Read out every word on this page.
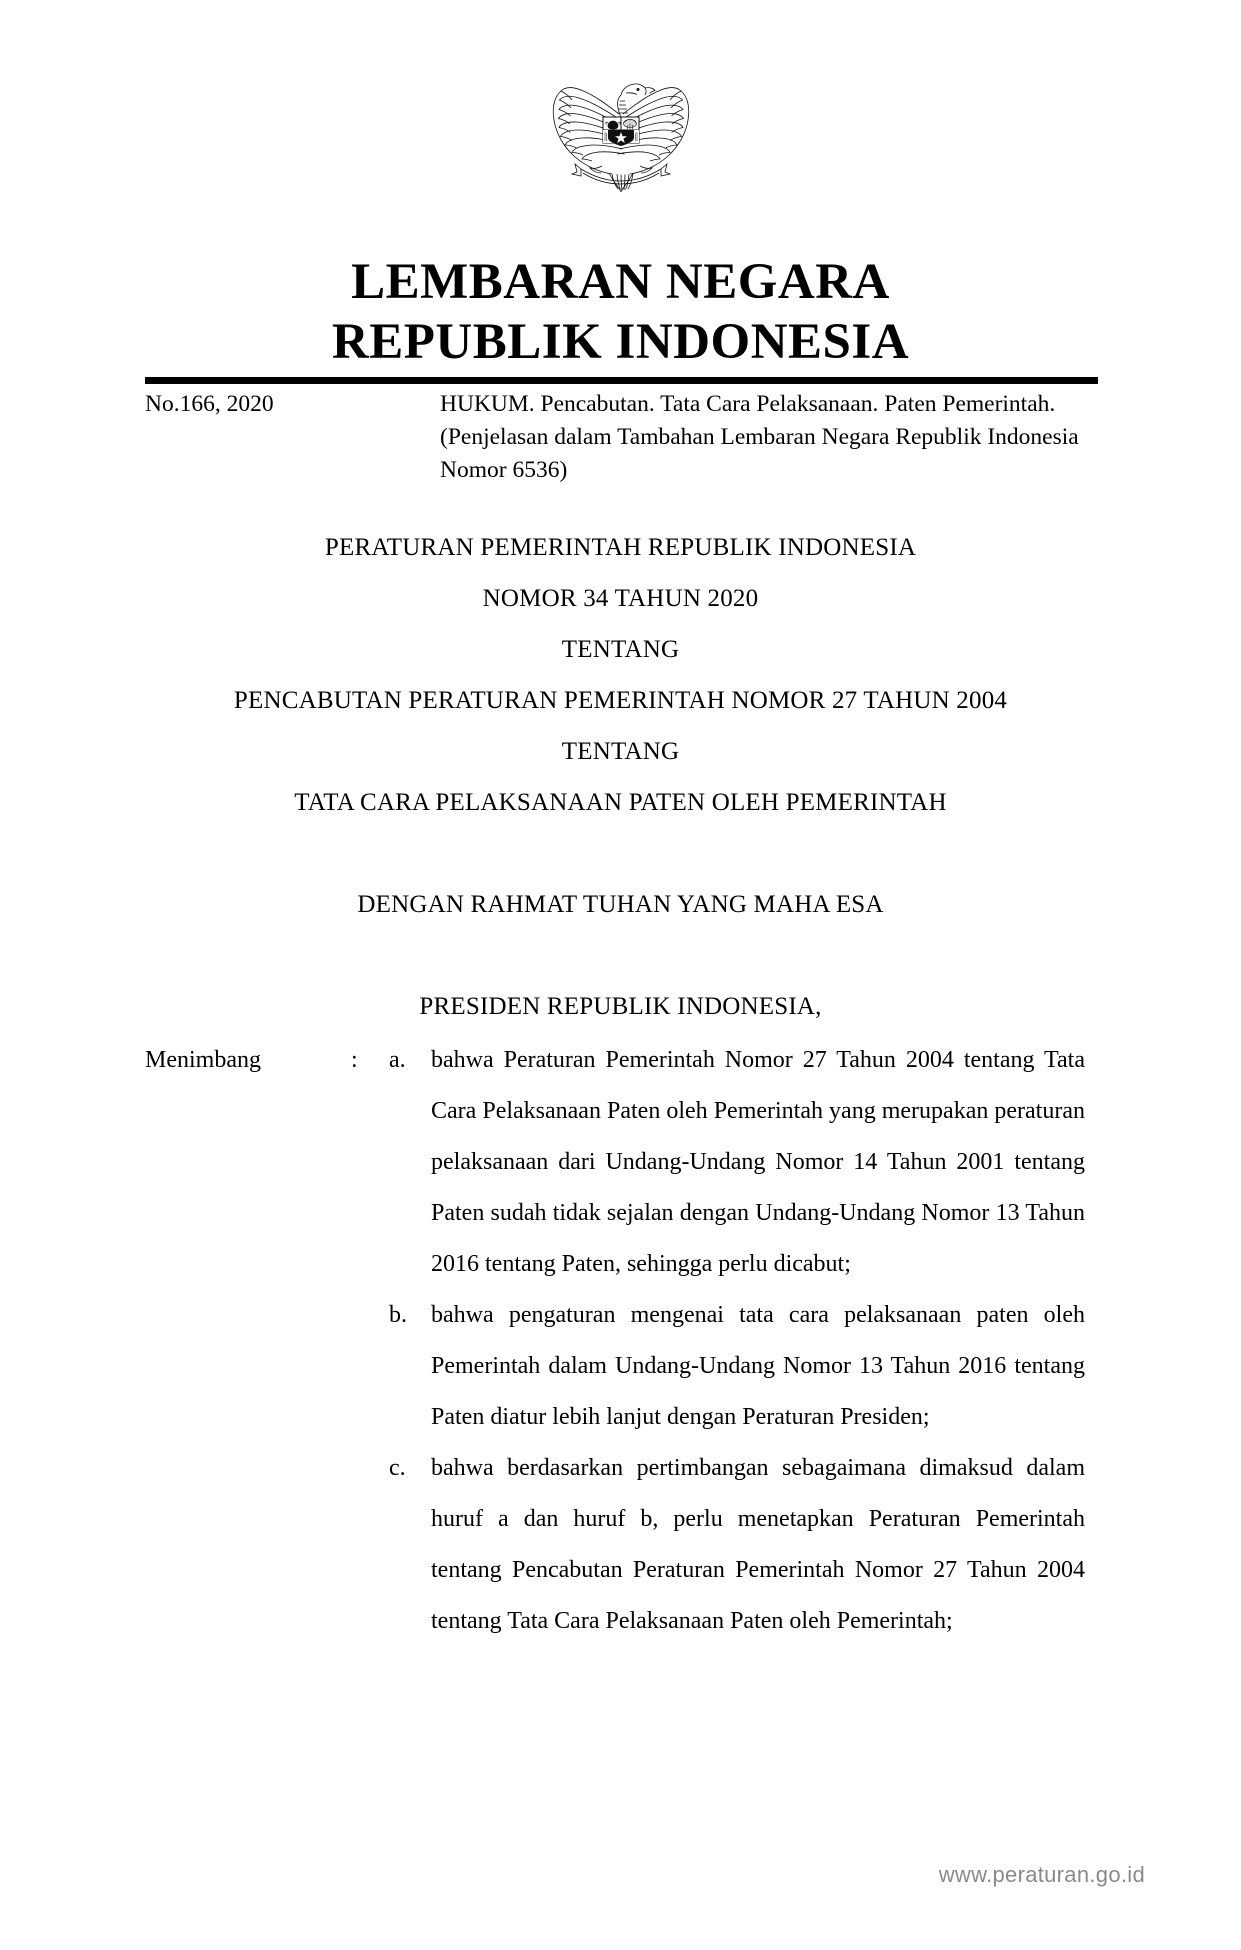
LEMBARAN NEGARA
REPUBLIK INDONESIA
No.166, 2020	HUKUM. Pencabutan. Tata Cara Pelaksanaan. Paten Pemerintah. (Penjelasan dalam Tambahan Lembaran Negara Republik Indonesia Nomor 6536)
PERATURAN PEMERINTAH REPUBLIK INDONESIA
NOMOR 34 TAHUN 2020
TENTANG
PENCABUTAN PERATURAN PEMERINTAH NOMOR 27 TAHUN 2004
TENTANG
TATA CARA PELAKSANAAN PATEN OLEH PEMERINTAH
DENGAN RAHMAT TUHAN YANG MAHA ESA
PRESIDEN REPUBLIK INDONESIA,
Menimbang	:	a.	bahwa Peraturan Pemerintah Nomor 27 Tahun 2004 tentang Tata Cara Pelaksanaan Paten oleh Pemerintah yang merupakan peraturan pelaksanaan dari Undang-Undang Nomor 14 Tahun 2001 tentang Paten sudah tidak sejalan dengan Undang-Undang Nomor 13 Tahun 2016 tentang Paten, sehingga perlu dicabut;
b.	bahwa pengaturan mengenai tata cara pelaksanaan paten oleh Pemerintah dalam Undang-Undang Nomor 13 Tahun 2016 tentang Paten diatur lebih lanjut dengan Peraturan Presiden;
c.	bahwa berdasarkan pertimbangan sebagaimana dimaksud dalam huruf a dan huruf b, perlu menetapkan Peraturan Pemerintah tentang Pencabutan Peraturan Pemerintah Nomor 27 Tahun 2004 tentang Tata Cara Pelaksanaan Paten oleh Pemerintah;
www.peraturan.go.id
